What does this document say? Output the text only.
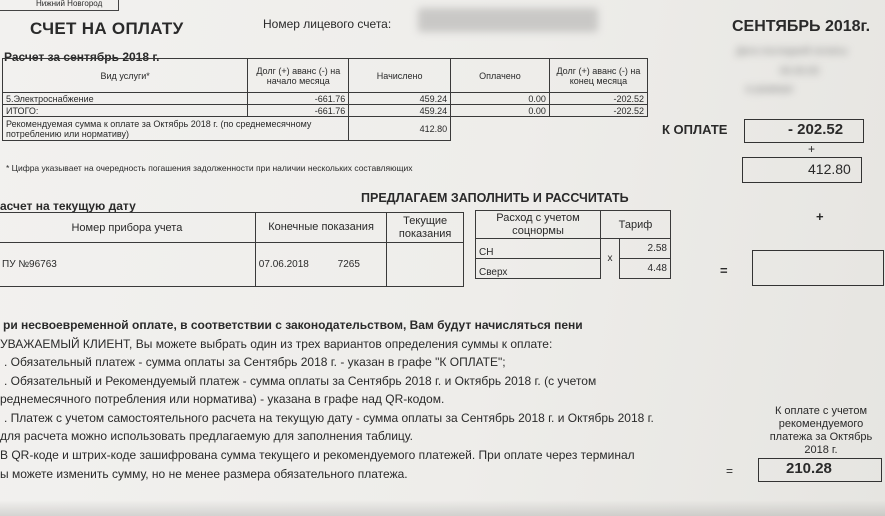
Нижний Новгород
СЧЕТ НА ОПЛАТУ	Номер лицевого счета:	СЕНТЯБРЬ 2018г.
Расчет за сентябрь 2018 г.
Вид услуги*	Долг (+) аванс (-) на начало месяца	Начислено	Оплачено	Долг (+) аванс (-) на конец месяца
5.Электроснабжение	-661.76	459.24	0.00	-202.52
ИТОГО:	-661.76	459.24	0.00	-202.52
Рекомендуемая сумма к оплате за Октябрь 2018 г. (по среднемесячному потреблению или нормативу)		412.80		
* Цифра указывает на очередность погашения задолженности при наличии нескольких составляющих
Дата последней оплаты
00.00.00
в размере
К ОПЛАТЕ	- 202.52
+
412.80
+
=
ПРЕДЛАГАЕМ ЗАПОЛНИТЬ И РАССЧИТАТЬ
асчет на текущую дату
Номер прибора учета	Конечные показания	Текущие показания
ПУ №96763	07.06.2018 7265	
Расход с учетом соцнормы	Тариф	
СН	x	2.58
Сверх		4.48
ри несвоевременной оплате, в соответствии с законодательством, Вам будут начисляться пени
УВАЖАЕМЫЙ КЛИЕНТ, Вы можете выбрать один из трех вариантов определения суммы к оплате:
. Обязательный платеж - сумма оплаты за Сентябрь 2018 г. - указан в графе "К ОПЛАТЕ";
. Обязательный и Рекомендуемый платеж - сумма оплаты за Сентябрь 2018 г. и Октябрь 2018 г. (с учетом
реднемесячного потребления или норматива) - указана в графе над QR-кодом.
. Платеж с учетом самостоятельного расчета на текущую дату - сумма оплаты за Сентябрь 2018 г. и Октябрь 2018 г.
для расчета можно использовать предлагаемую для заполнения таблицу.
В QR-коде и штрих-коде зашифрована сумма текущего и рекомендуемого платежей. При оплате через терминал
ы можете изменить сумму, но не менее размера обязательного платежа.
К оплате с учетом рекомендуемого платежа за Октябрь 2018 г.
=	210.28
